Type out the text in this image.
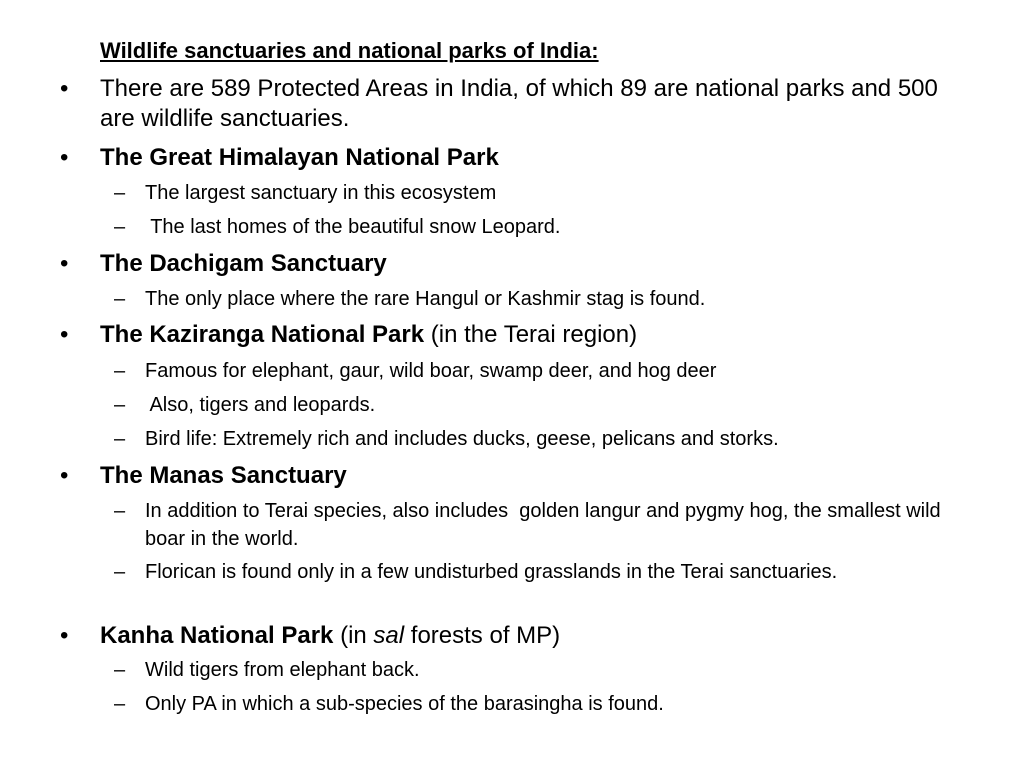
Wildlife sanctuaries and national parks of India:
• There are 589 Protected Areas in India, of which 89 are national parks and 500 are wildlife sanctuaries.
• The Great Himalayan National Park
– The largest sanctuary in this ecosystem
–  The last homes of the beautiful snow Leopard.
• The Dachigam Sanctuary
– The only place where the rare Hangul or Kashmir stag is found.
• The Kaziranga National Park (in the Terai region)
– Famous for elephant, gaur, wild boar, swamp deer, and hog deer
–  Also, tigers and leopards.
– Bird life: Extremely rich and includes ducks, geese, pelicans and storks.
• The Manas Sanctuary
– In addition to Terai species, also includes  golden langur and pygmy hog, the smallest wild boar in the world.
– Florican is found only in a few undisturbed grasslands in the Terai sanctuaries.
• Kanha National Park (in sal forests of MP)
– Wild tigers from elephant back.
– Only PA in which a sub-species of the barasingha is found.
